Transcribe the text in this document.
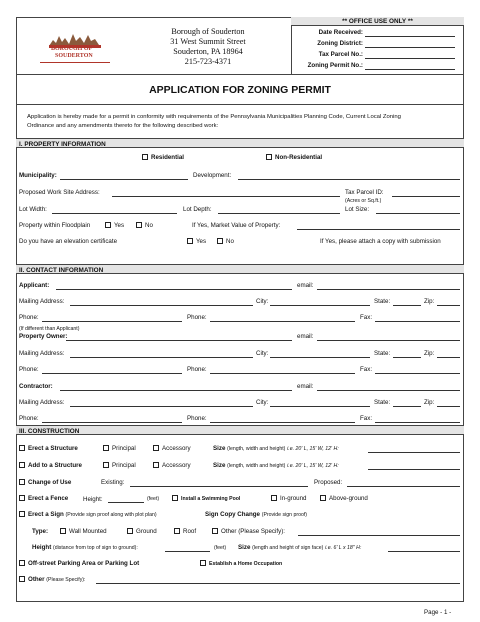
BOROUGH OF
SOUDERTON
Borough of Souderton
31 West Summit Street
Souderton, PA 18964
215-723-4371
** OFFICE USE ONLY **
Date Received:
Zoning District:
Tax Parcel No.:
Zoning Permit No.:
APPLICATION FOR ZONING PERMIT
Application is hereby made for a permit in conformity with requirements of the Pennsylvania Municipalities Planning Code, Current Local Zoning
Ordinance and any amendments thereto for the following described work:
I. PROPERTY INFORMATION
Residential	Non-Residential
Municipality:	Development:
Proposed Work Site Address:	Tax Parcel ID:
(Acres or Sq.ft.)
Lot Width:	Lot Depth:	Lot Size:
Property within Floodplain	Yes	No	If Yes, Market Value of Property:
Do you have an elevation certificate	Yes	No	If Yes, please attach a copy with submission
II. CONTACT INFORMATION
Applicant:	email:
Mailing Address:	City:	State:	Zip:
Phone:	Phone:	Fax:
(If different than Applicant)
Property Owner:	email:
Mailing Address:	City:	State:	Zip:
Phone:	Phone:	Fax:
Contractor:	email:
Mailing Address:	City:	State:	Zip:
Phone:	Phone:	Fax:
III. CONSTRUCTION
Erect a Structure	Principal	Accessory	Size (length, width and height) i.e. 20' L, 15' W, 12' H:
Add to a Structure	Principal	Accessory	Size (length, width and height) i.e. 20' L, 15' W, 12' H:
Change of Use	Existing:	Proposed:
Erect a Fence Height:	(feet)	Install a Swimming Pool	In-ground	Above-ground
Erect a Sign (Provide sign proof along with plot plan)	Sign Copy Change (Provide sign proof)
Type:	Wall Mounted	Ground	Roof	Other (Please Specify):
Height (distance from top of sign to ground):	(feet) Size (length and height of sign face) i.e. 6' L x 18" H:
Off-street Parking Area or Parking Lot	Establish a Home Occupation
Other (Please Specify):
Page - 1 -
